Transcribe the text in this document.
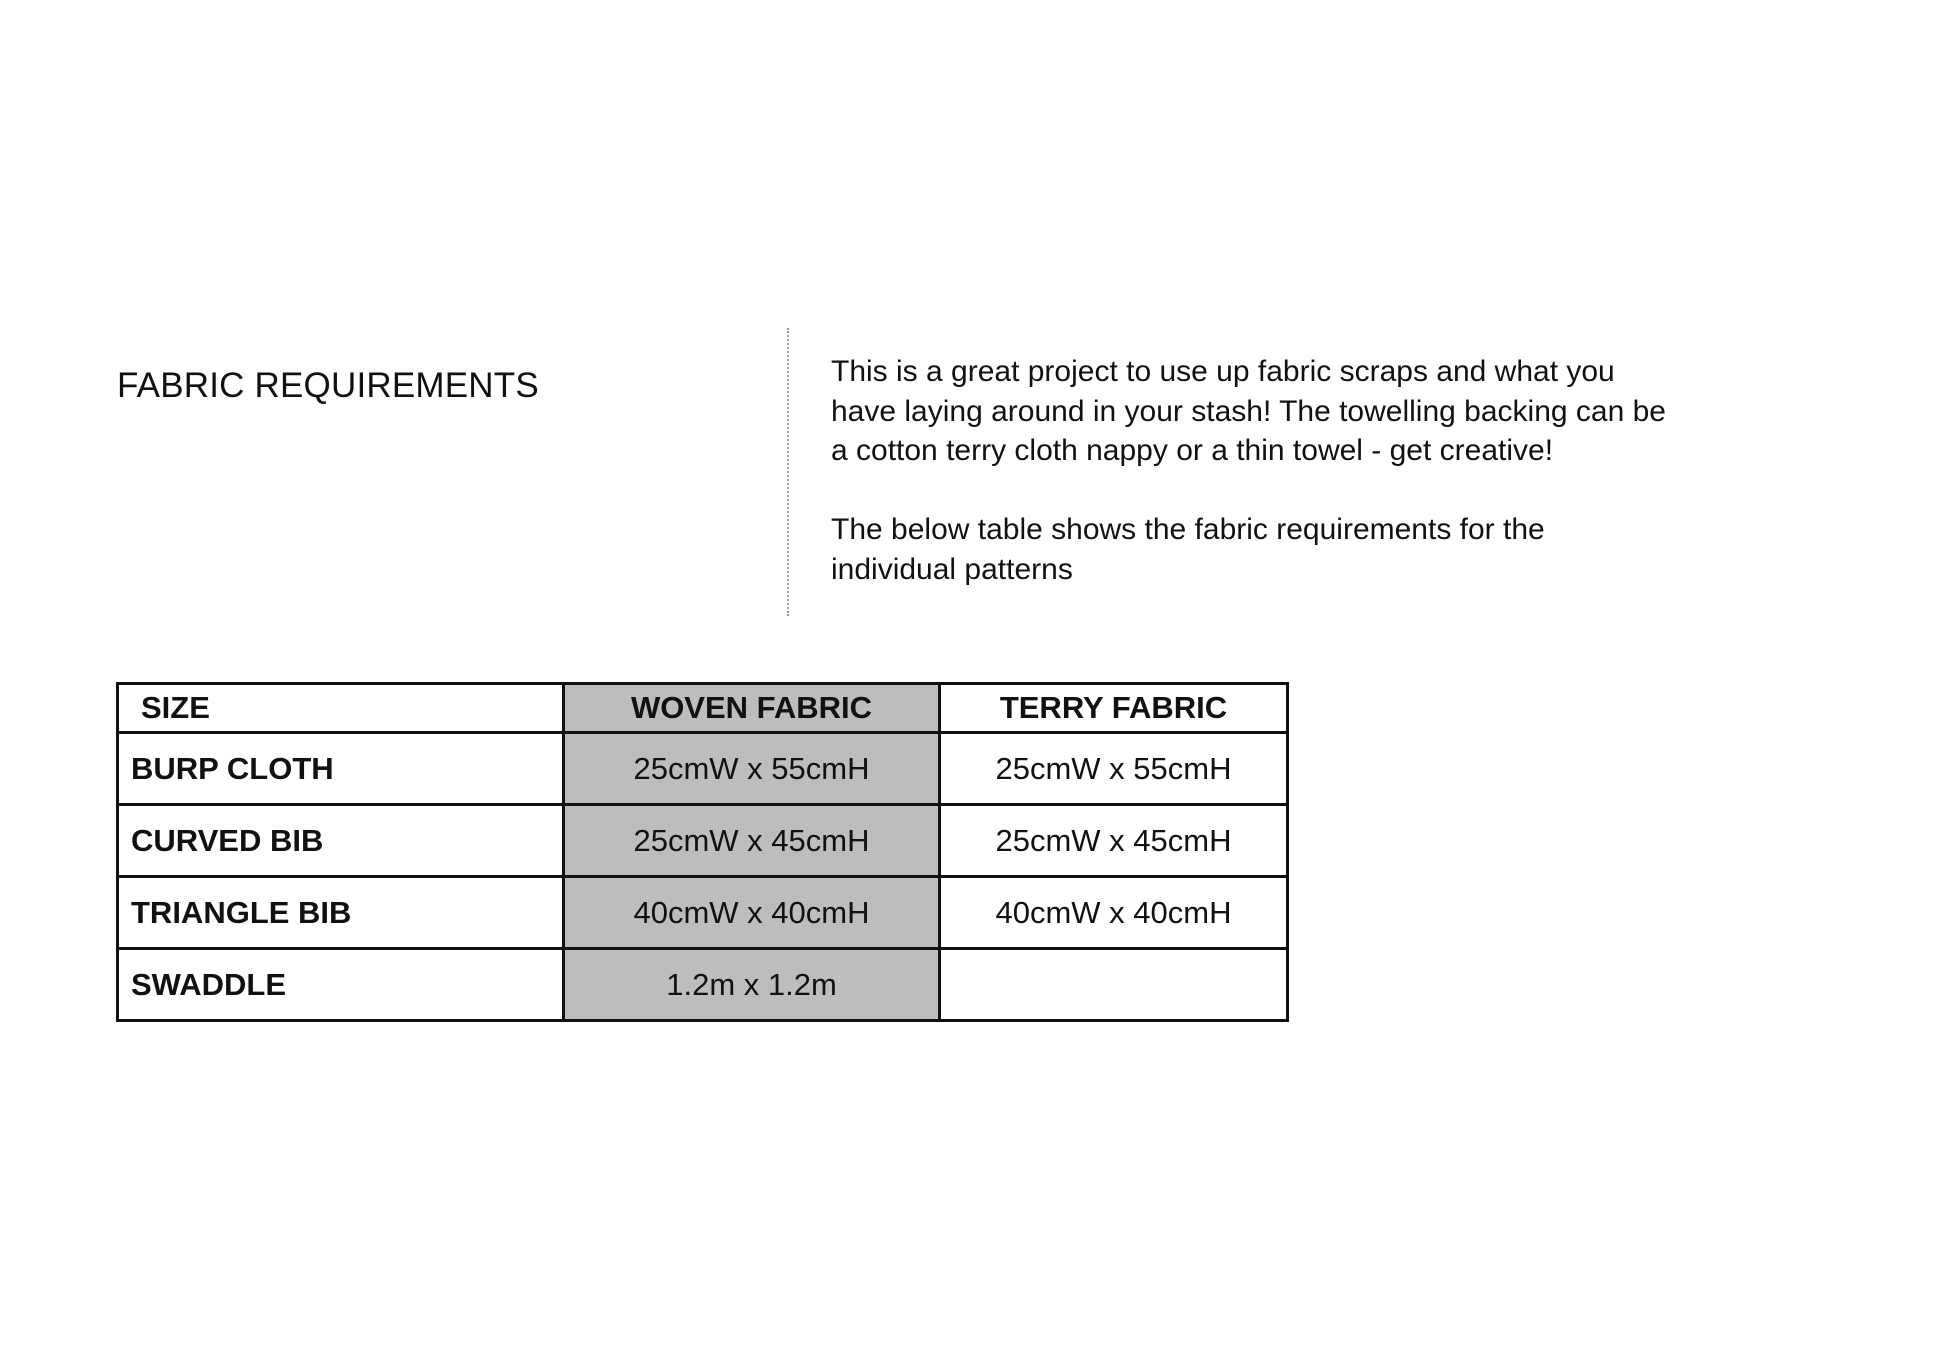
FABRIC REQUIREMENTS	This is a great project to use up fabric scraps and what you
have laying around in your stash! The towelling backing can be
a cotton terry cloth nappy or a thin towel - get creative!

The below table shows the fabric requirements for the
individual patterns

SIZE	WOVEN FABRIC	TERRY FABRIC
BURP CLOTH	25cmW x 55cmH	25cmW x 55cmH
CURVED BIB	25cmW x 45cmH	25cmW x 45cmH
TRIANGLE BIB	40cmW x 40cmH	40cmW x 40cmH
SWADDLE	1.2m x 1.2m	
